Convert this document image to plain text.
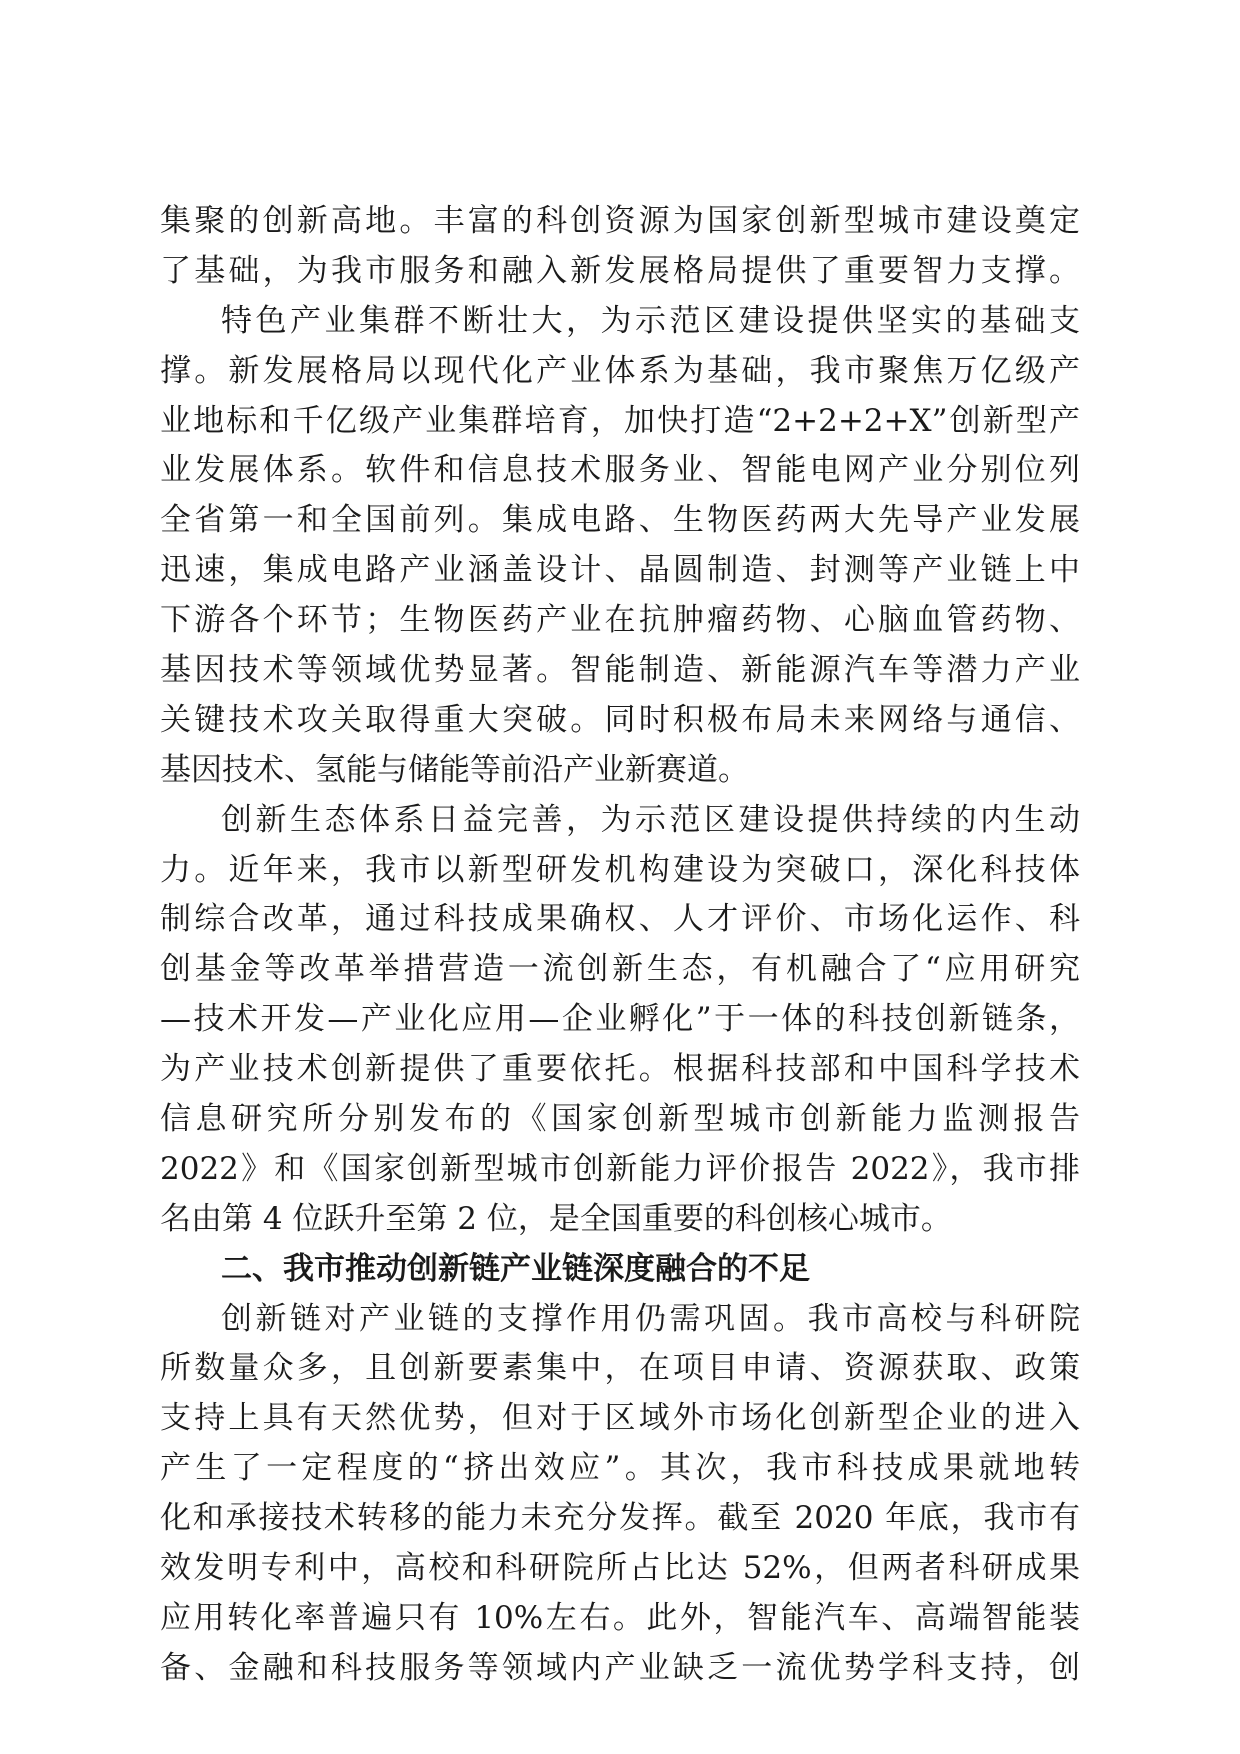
集聚的创新高地。丰富的科创资源为国家创新型城市建设奠定
了基础，为我市服务和融入新发展格局提供了重要智力支撑。
特色产业集群不断壮大，为示范区建设提供坚实的基础支
撑。新发展格局以现代化产业体系为基础，我市聚焦万亿级产
业地标和千亿级产业集群培育，加快打造“2+2+2+X”创新型产
业发展体系。软件和信息技术服务业、智能电网产业分别位列
全省第一和全国前列。集成电路、生物医药两大先导产业发展
迅速，集成电路产业涵盖设计、晶圆制造、封测等产业链上中
下游各个环节；生物医药产业在抗肿瘤药物、心脑血管药物、
基因技术等领域优势显著。智能制造、新能源汽车等潜力产业
关键技术攻关取得重大突破。同时积极布局未来网络与通信、
基因技术、氢能与储能等前沿产业新赛道。
创新生态体系日益完善，为示范区建设提供持续的内生动
力。近年来，我市以新型研发机构建设为突破口，深化科技体
制综合改革，通过科技成果确权、人才评价、市场化运作、科
创基金等改革举措营造一流创新生态，有机融合了“应用研究
—技术开发—产业化应用—企业孵化”于一体的科技创新链条，
为产业技术创新提供了重要依托。根据科技部和中国科学技术
信息研究所分别发布的《国家创新型城市创新能力监测报告
2022》和《国家创新型城市创新能力评价报告 2022》，我市排
名由第 4 位跃升至第 2 位，是全国重要的科创核心城市。
二、我市推动创新链产业链深度融合的不足
创新链对产业链的支撑作用仍需巩固。我市高校与科研院
所数量众多，且创新要素集中，在项目申请、资源获取、政策
支持上具有天然优势，但对于区域外市场化创新型企业的进入
产生了一定程度的“挤出效应”。其次，我市科技成果就地转
化和承接技术转移的能力未充分发挥。截至 2020 年底，我市有
效发明专利中，高校和科研院所占比达 52%，但两者科研成果
应用转化率普遍只有 10%左右。此外，智能汽车、高端智能装
备、金融和科技服务等领域内产业缺乏一流优势学科支持，创
